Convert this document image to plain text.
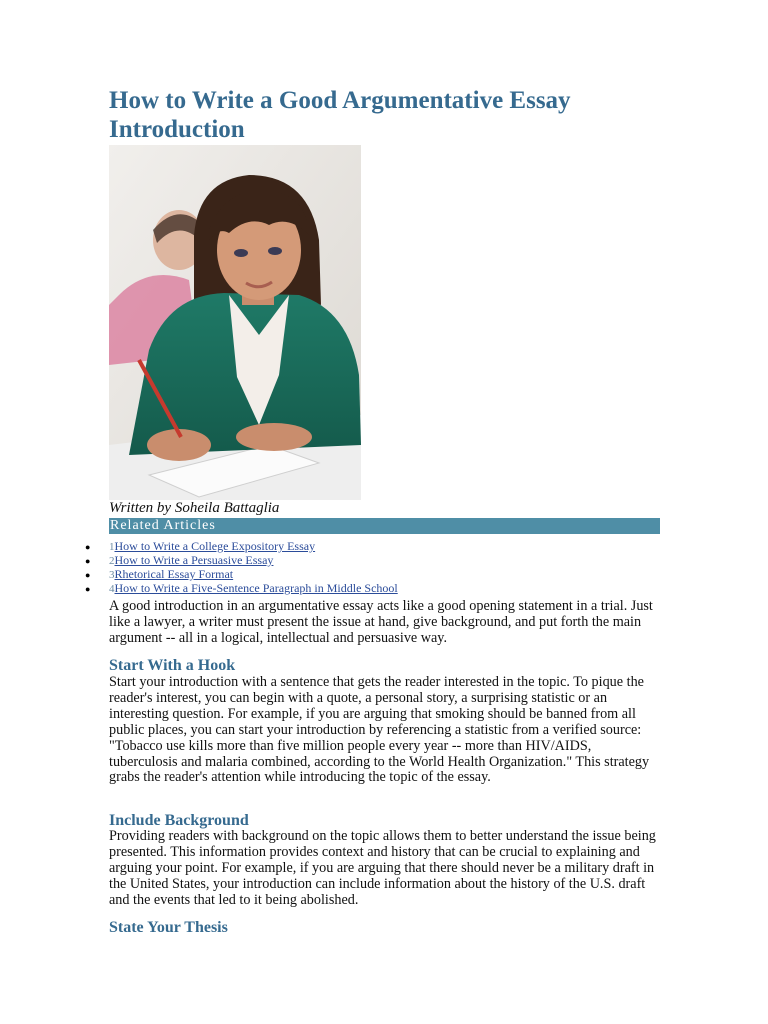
How to Write a Good Argumentative Essay Introduction
Written by Soheila Battaglia
Related Articles
● 1How to Write a College Expository Essay
● 2How to Write a Persuasive Essay
● 3Rhetorical Essay Format
● 4How to Write a Five-Sentence Paragraph in Middle School

A good introduction in an argumentative essay acts like a good opening statement in a trial. Just like a lawyer, a writer must present the issue at hand, give background, and put forth the main argument -- all in a logical, intellectual and persuasive way.

Start With a Hook

Start your introduction with a sentence that gets the reader interested in the topic. To pique the reader's interest, you can begin with a quote, a personal story, a surprising statistic or an interesting question. For example, if you are arguing that smoking should be banned from all public places, you can start your introduction by referencing a statistic from a verified source: "Tobacco use kills more than five million people every year -- more than HIV/AIDS, tuberculosis and malaria combined, according to the World Health Organization." This strategy grabs the reader's attention while introducing the topic of the essay.

Include Background

Providing readers with background on the topic allows them to better understand the issue being presented. This information provides context and history that can be crucial to explaining and arguing your point. For example, if you are arguing that there should never be a military draft in the United States, your introduction can include information about the history of the U.S. draft and the events that led to it being abolished.

State Your Thesis
